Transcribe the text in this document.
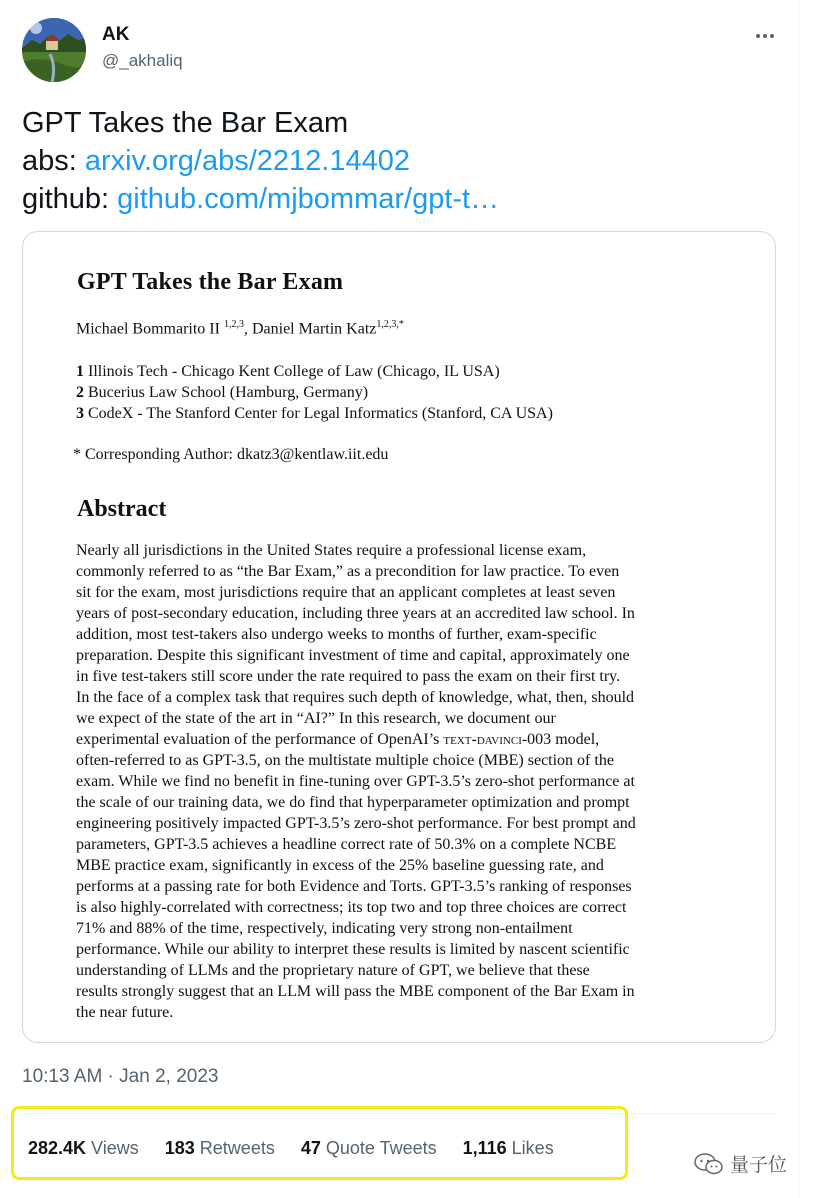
AK
@_akhaliq
GPT Takes the Bar Exam
abs: arxiv.org/abs/2212.14402
github: github.com/mjbommar/gpt-t…
GPT Takes the Bar Exam
Michael Bommarito II $^{1,2,3}$, Daniel Martin Katz$^{1,2,3,*}$
1 Illinois Tech - Chicago Kent College of Law (Chicago, IL USA)
2 Bucerius Law School (Hamburg, Germany)
3 CodeX - The Stanford Center for Legal Informatics (Stanford, CA USA)
* Corresponding Author: dkatz3@kentlaw.iit.edu
Abstract
Nearly all jurisdictions in the United States require a professional license exam,
commonly referred to as “the Bar Exam,” as a precondition for law practice. To even
sit for the exam, most jurisdictions require that an applicant completes at least seven
years of post-secondary education, including three years at an accredited law school. In
addition, most test-takers also undergo weeks to months of further, exam-specific
preparation. Despite this significant investment of time and capital, approximately one
in five test-takers still score under the rate required to pass the exam on their first try.
In the face of a complex task that requires such depth of knowledge, what, then, should
we expect of the state of the art in “AI?” In this research, we document our
experimental evaluation of the performance of OpenAI’s text-davinci-003 model,
often-referred to as GPT-3.5, on the multistate multiple choice (MBE) section of the
exam. While we find no benefit in fine-tuning over GPT-3.5’s zero-shot performance at
the scale of our training data, we do find that hyperparameter optimization and prompt
engineering positively impacted GPT-3.5’s zero-shot performance. For best prompt and
parameters, GPT-3.5 achieves a headline correct rate of 50.3% on a complete NCBE
MBE practice exam, significantly in excess of the 25% baseline guessing rate, and
performs at a passing rate for both Evidence and Torts. GPT-3.5’s ranking of responses
is also highly-correlated with correctness; its top two and top three choices are correct
71% and 88% of the time, respectively, indicating very strong non-entailment
performance. While our ability to interpret these results is limited by nascent scientific
understanding of LLMs and the proprietary nature of GPT, we believe that these
results strongly suggest that an LLM will pass the MBE component of the Bar Exam in
the near future.
10:13 AM · Jan 2, 2023
282.4K Views 183 Retweets 47 Quote Tweets 1,116 Likes
量子位
